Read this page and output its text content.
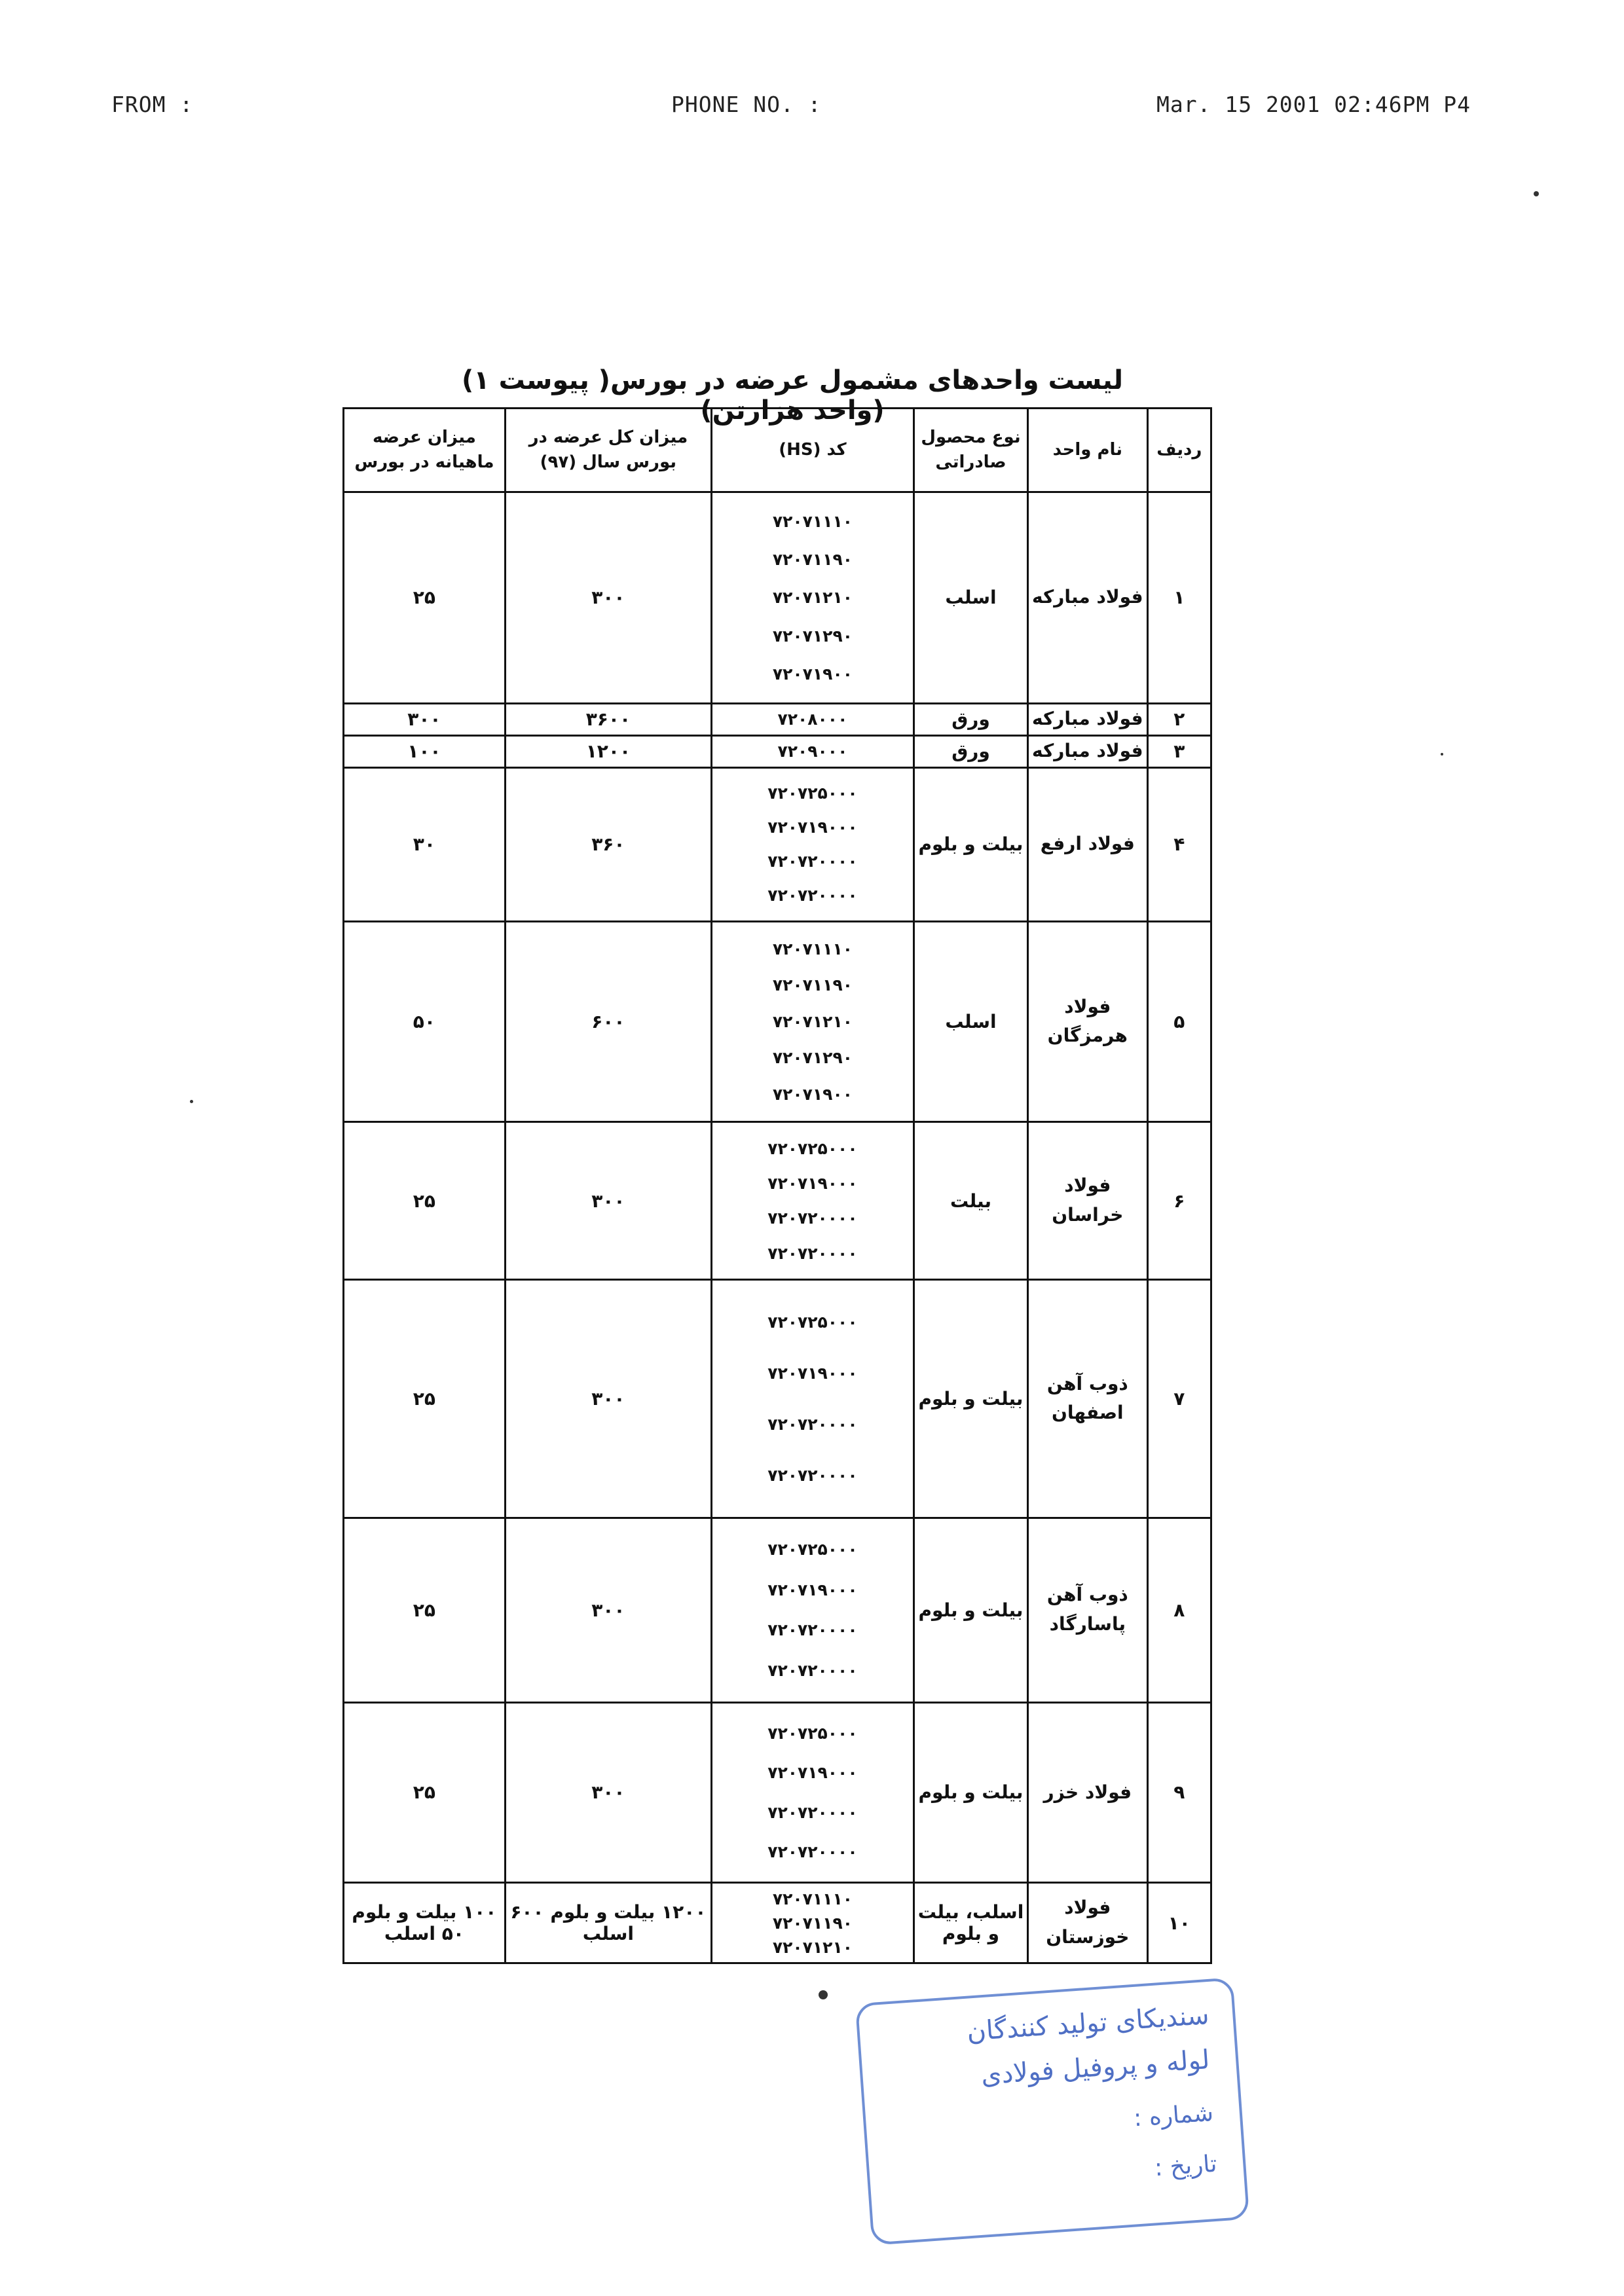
FROM :	PHONE NO. :	Mar. 15 2001 02:46PM P4
لیست واحدهای مشمول عرضه در بورس( پیوست ۱) (واحد هزارتن)
ردیف	نام واحد	نوع محصول صادراتی	کد (HS)	میزان کل عرضه در بورس سال (۹۷)	میزان عرضه ماهیانه در بورس
۱	فولاد مبارکه	اسلب	۷۲۰۷۱۱۱۰
۷۲۰۷۱۱۹۰
۷۲۰۷۱۲۱۰
۷۲۰۷۱۲۹۰
۷۲۰۷۱۹۰۰	۳۰۰	۲۵
۲	فولاد مبارکه	ورق	۷۲۰۸۰۰۰	۳۶۰۰	۳۰۰
۳	فولاد مبارکه	ورق	۷۲۰۹۰۰۰	۱۲۰۰	۱۰۰
۴	فولاد ارفع	بیلت و بلوم	۷۲۰۷۲۵۰۰۰
۷۲۰۷۱۹۰۰۰
۷۲۰۷۲۰۰۰۰
۷۲۰۷۲۰۰۰۰	۳۶۰	۳۰
۵	فولاد هرمزگان	اسلب	۷۲۰۷۱۱۱۰
۷۲۰۷۱۱۹۰
۷۲۰۷۱۲۱۰
۷۲۰۷۱۲۹۰
۷۲۰۷۱۹۰۰	۶۰۰	۵۰
۶	فولاد خراسان	بیلت	۷۲۰۷۲۵۰۰۰
۷۲۰۷۱۹۰۰۰
۷۲۰۷۲۰۰۰۰
۷۲۰۷۲۰۰۰۰	۳۰۰	۲۵
۷	ذوب آهن اصفهان	بیلت و بلوم	۷۲۰۷۲۵۰۰۰
۷۲۰۷۱۹۰۰۰
۷۲۰۷۲۰۰۰۰
۷۲۰۷۲۰۰۰۰	۳۰۰	۲۵
۸	ذوب آهن پاسارگاد	بیلت و بلوم	۷۲۰۷۲۵۰۰۰
۷۲۰۷۱۹۰۰۰
۷۲۰۷۲۰۰۰۰
۷۲۰۷۲۰۰۰۰	۳۰۰	۲۵
۹	فولاد خزر	بیلت و بلوم	۷۲۰۷۲۵۰۰۰
۷۲۰۷۱۹۰۰۰
۷۲۰۷۲۰۰۰۰
۷۲۰۷۲۰۰۰۰	۳۰۰	۲۵
۱۰	فولاد خوزستان	اسلب، بیلت و بلوم	۷۲۰۷۱۱۱۰
۷۲۰۷۱۱۹۰
۷۲۰۷۱۲۱۰	۱۲۰۰ بیلت و بلوم ۶۰۰ اسلب	۱۰۰ بیلت و بلوم ۵۰ اسلب
سندیکای تولید کنندگان
لوله و پروفیل فولادی
شماره :
تاریخ :
